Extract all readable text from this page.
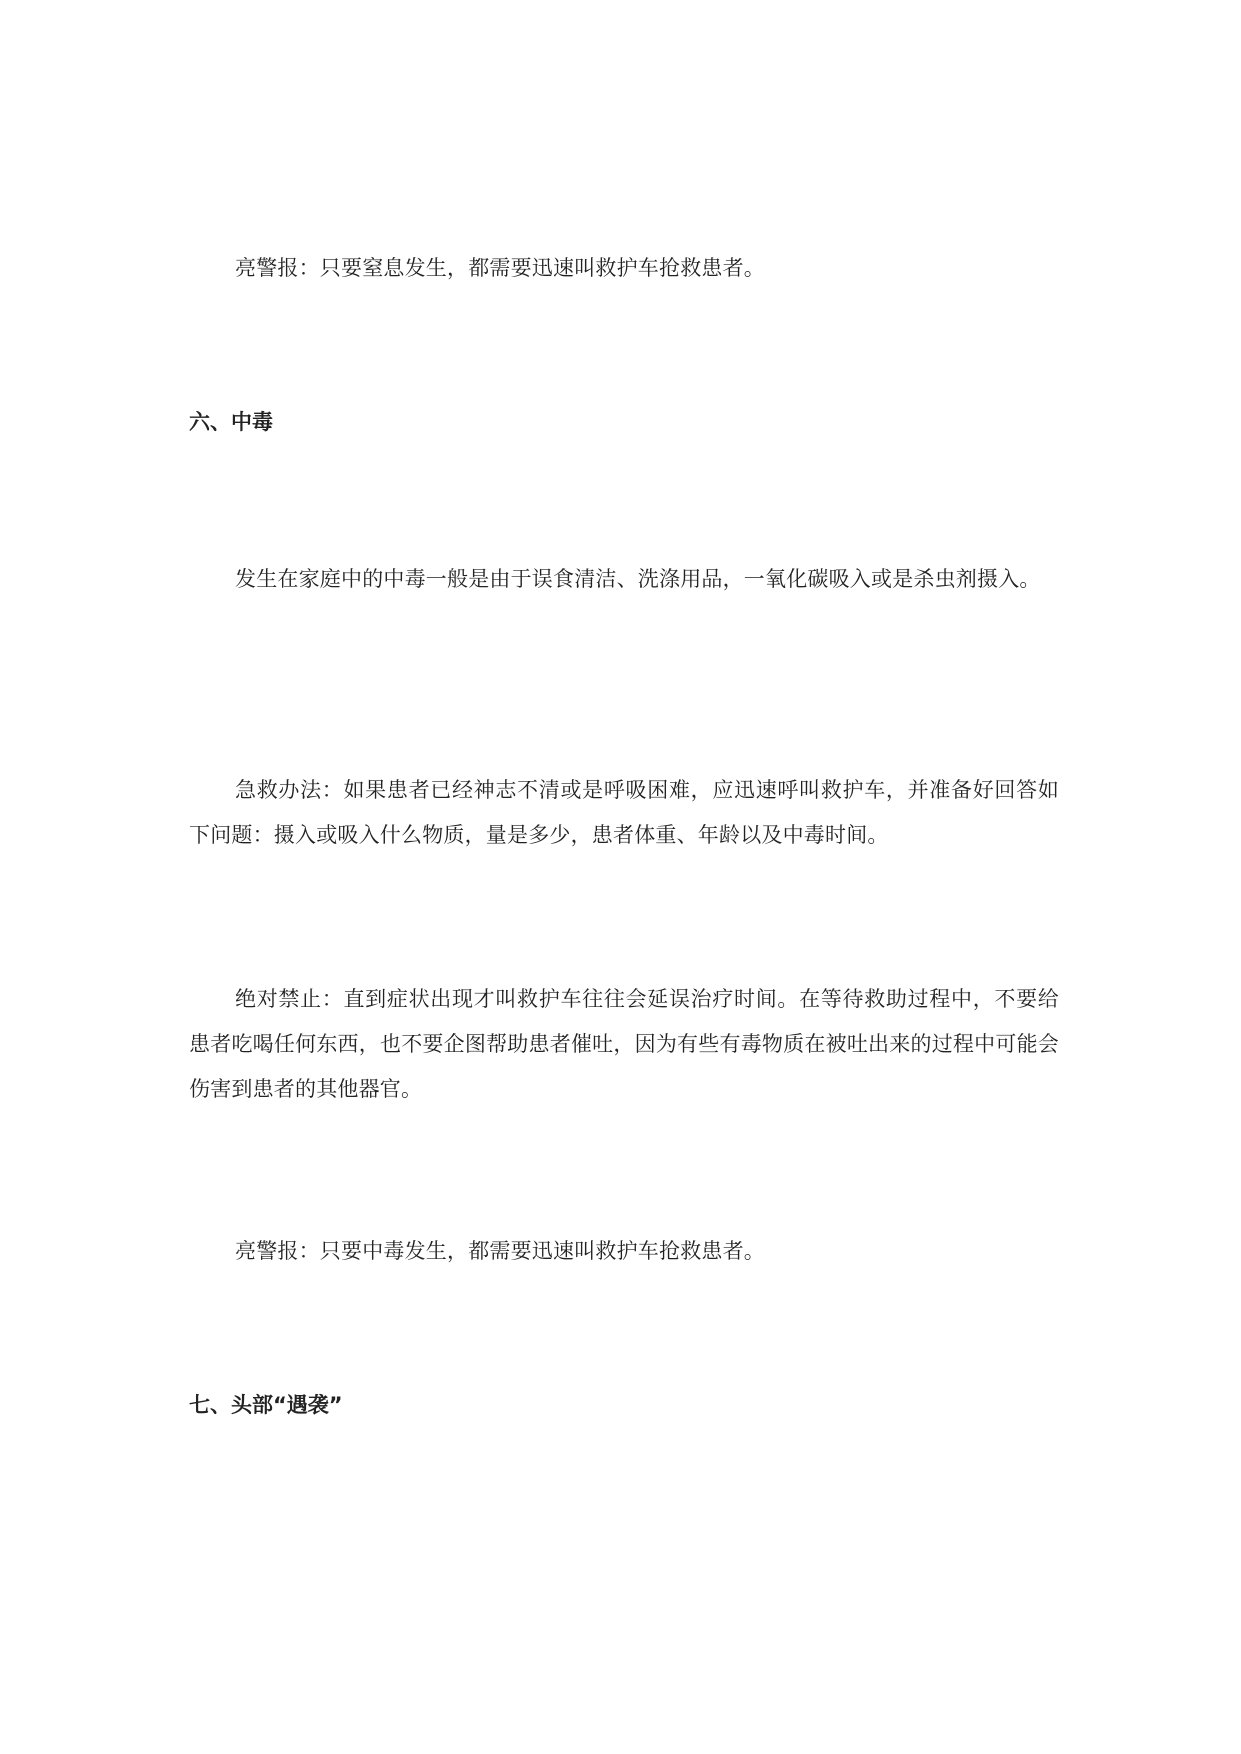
亮警报：只要窒息发生，都需要迅速叫救护车抢救患者。

六、中毒

发生在家庭中的中毒一般是由于误食清洁、洗涤用品，一氧化碳吸入或是杀虫剂摄入。

急救办法：如果患者已经神志不清或是呼吸困难，应迅速呼叫救护车，并准备好回答如下问题：摄入或吸入什么物质，量是多少，患者体重、年龄以及中毒时间。

绝对禁止：直到症状出现才叫救护车往往会延误治疗时间。在等待救助过程中，不要给患者吃喝任何东西，也不要企图帮助患者催吐，因为有些有毒物质在被吐出来的过程中可能会伤害到患者的其他器官。

亮警报：只要中毒发生，都需要迅速叫救护车抢救患者。

七、头部“遇袭”
